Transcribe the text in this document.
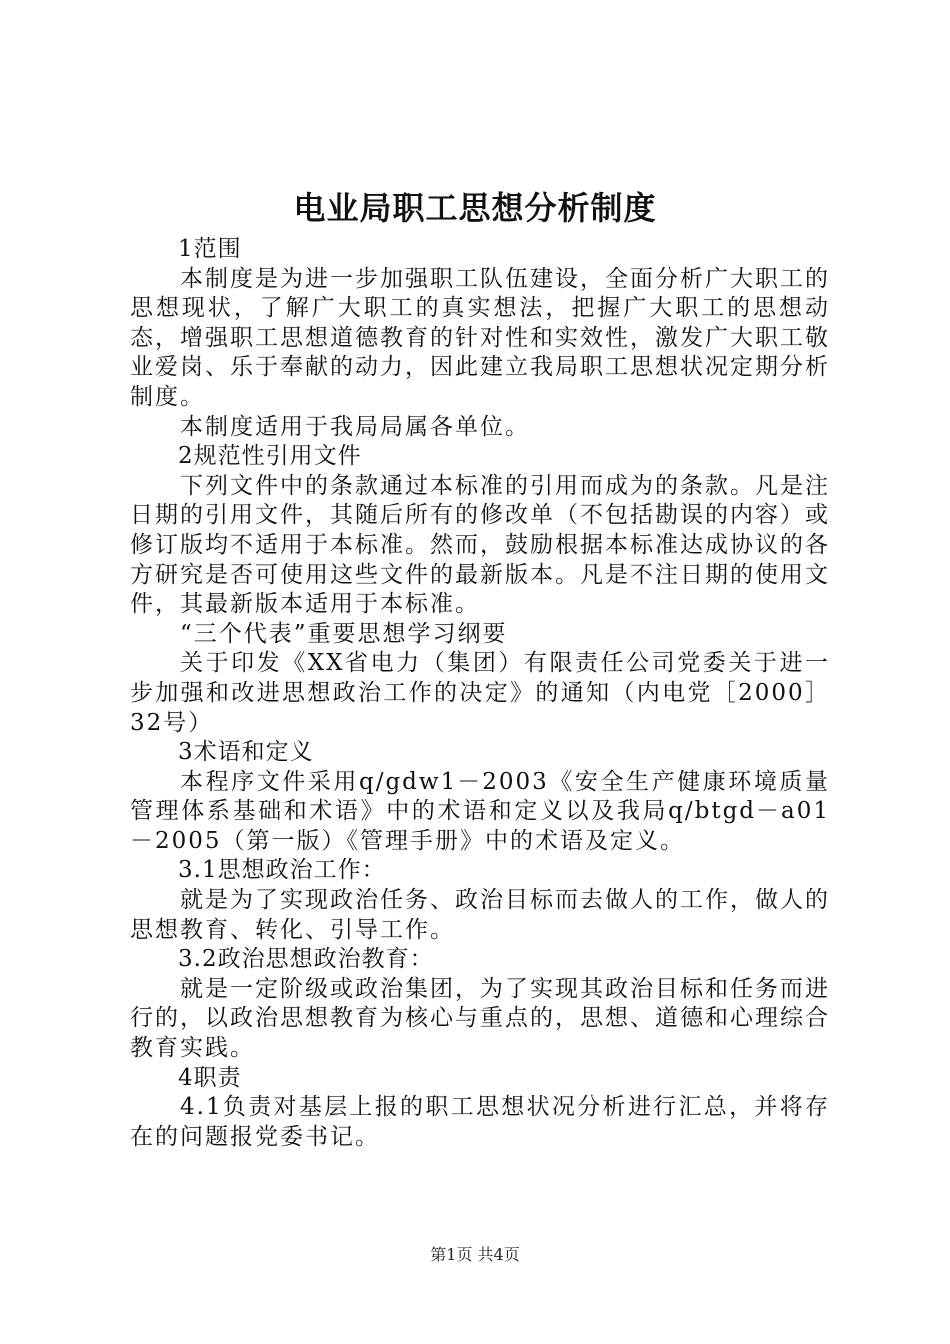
电业局职工思想分析制度
1范围
本制度是为进一步加强职工队伍建设，全面分析广大职工的思想现状，了解广大职工的真实想法，把握广大职工的思想动态，增强职工思想道德教育的针对性和实效性，激发广大职工敬业爱岗、乐于奉献的动力，因此建立我局职工思想状况定期分析制度。
本制度适用于我局局属各单位。
2规范性引用文件
下列文件中的条款通过本标准的引用而成为的条款。凡是注日期的引用文件，其随后所有的修改单（不包括勘误的内容）或修订版均不适用于本标准。然而，鼓励根据本标准达成协议的各方研究是否可使用这些文件的最新版本。凡是不注日期的使用文件，其最新版本适用于本标准。
“三个代表”重要思想学习纲要
关于印发《XX省电力（集团）有限责任公司党委关于进一步加强和改进思想政治工作的决定》的通知（内电党［2000］32号）
3术语和定义
本程序文件采用q/gdw1－2003《安全生产健康环境质量管理体系基础和术语》中的术语和定义以及我局q/btgd－a01－2005（第一版）《管理手册》中的术语及定义。
3.1思想政治工作：
就是为了实现政治任务、政治目标而去做人的工作，做人的思想教育、转化、引导工作。
3.2政治思想政治教育：
就是一定阶级或政治集团，为了实现其政治目标和任务而进行的，以政治思想教育为核心与重点的，思想、道德和心理综合教育实践。
4职责
4.1负责对基层上报的职工思想状况分析进行汇总，并将存在的问题报党委书记。
第1页 共4页
